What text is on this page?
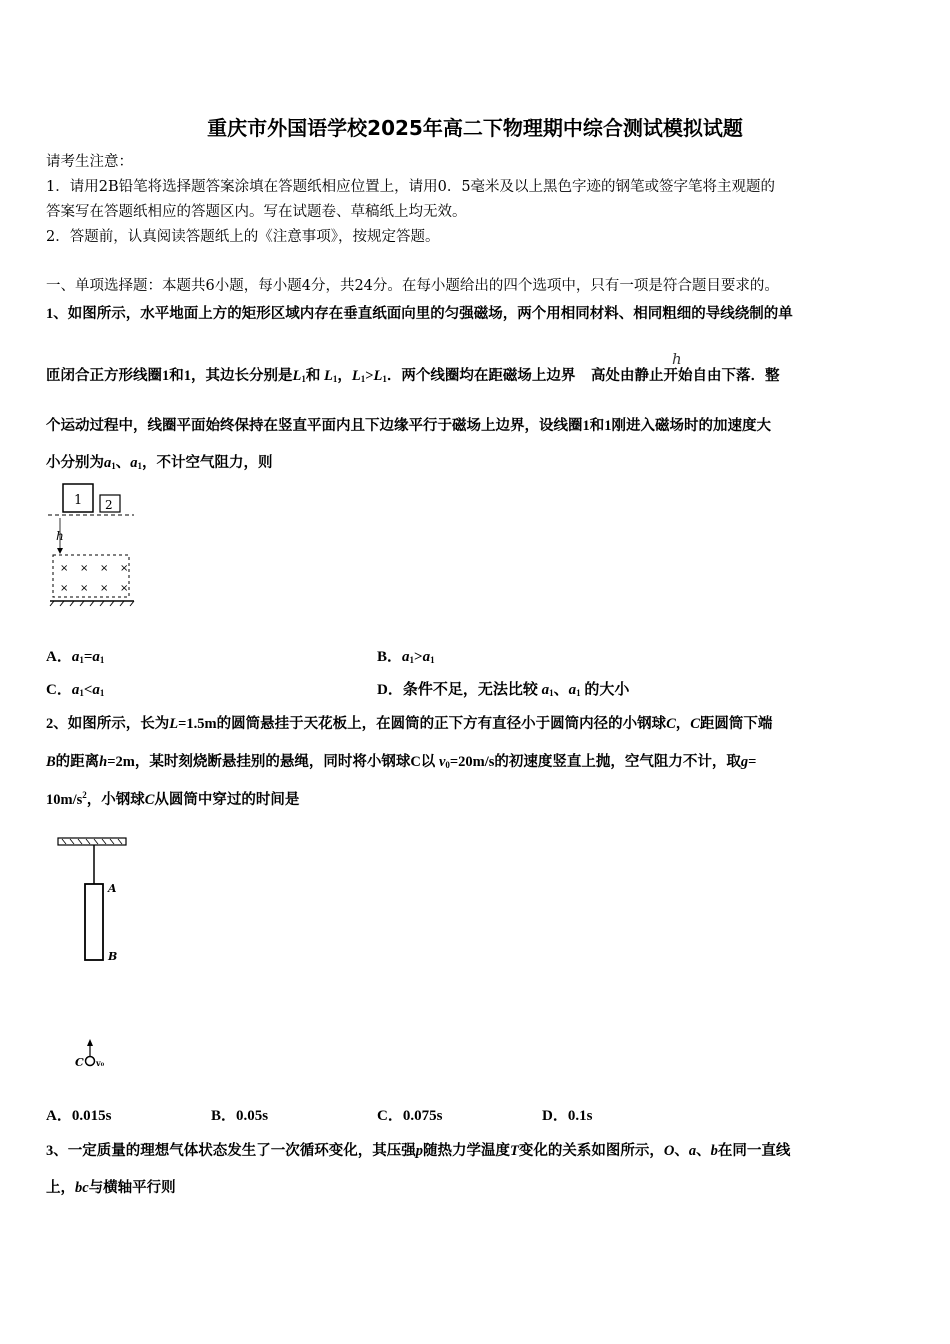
重庆市外国语学校2025年高二下物理期中综合测试模拟试题
请考生注意：
1．请用2B铅笔将选择题答案涂填在答题纸相应位置上，请用0．5毫米及以上黑色字迹的钢笔或签字笔将主观题的
答案写在答题纸相应的答题区内。写在试题卷、草稿纸上均无效。
2．答题前，认真阅读答题纸上的《注意事项》，按规定答题。
一、单项选择题：本题共6小题，每小题4分，共24分。在每小题给出的四个选项中，只有一项是符合题目要求的。
1、如图所示，水平地面上方的矩形区域内存在垂直纸面向里的匀强磁场，两个用相同材料、相同粗细的导线绕制的单
匝闭合正方形线圈1和1，其边长分别是$L_1$和 $L_1$，$L_1>L_1$．两个线圈均在距磁场上边界 高处由静止开始自由下落．整
h
个运动过程中，线圈平面始终保持在竖直平面内且下边缘平行于磁场上边界，设线圈1和1刚进入磁场时的加速度大
小分别为$a_1$、$a_1$，不计空气阻力，则
1 2
h
× × × ×
× × × ×
A．$a_1=a_1$	B．$a_1>a_1$
C．$a_1<a_1$	D．条件不足，无法比较 $a_1$、$a_1$ 的大小
2、如图所示，长为L=1.5m的圆筒悬挂于天花板上，在圆筒的正下方有直径小于圆筒内径的小钢球C，C距圆筒下端
B的距离h=2m，某时刻烧断悬挂别的悬绳，同时将小钢球C以 $v_0=20m/s$的初速度竖直上抛，空气阻力不计，取g=
$10m/s^2$，小钢球C从圆筒中穿过的时间是
A
B
C v₀
A．0.015s	B．0.05s	C．0.075s	D．0.1s
3、一定质量的理想气体状态发生了一次循环变化，其压强p随热力学温度T变化的关系如图所示，O、a、b在同一直线
上，bc与横轴平行则
